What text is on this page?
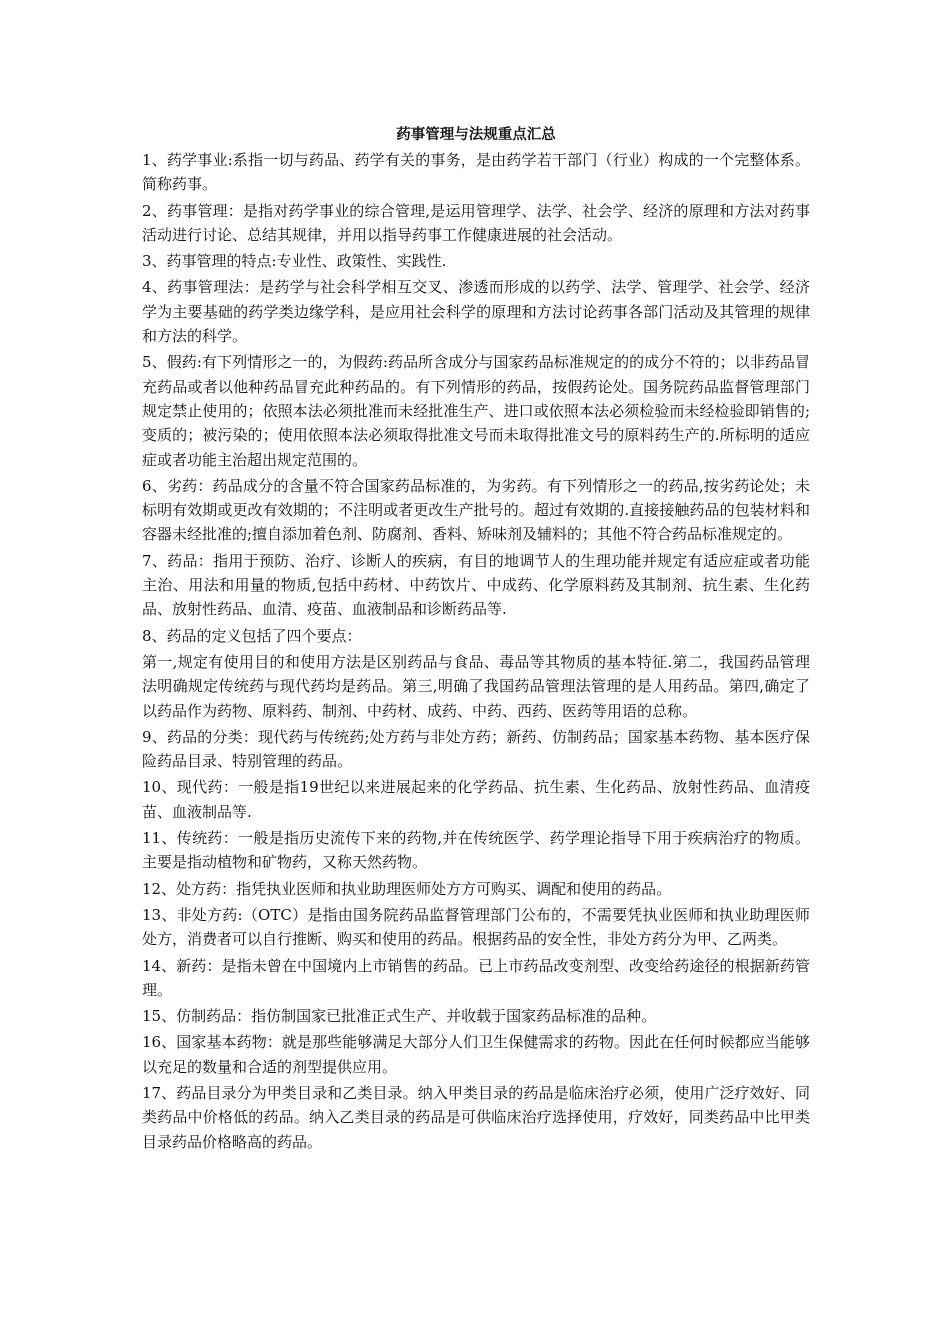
药事管理与法规重点汇总

1、药学事业:系指一切与药品、药学有关的事务，是由药学若干部门（行业）构成的一个完整体系。简称药事。

2、药事管理：是指对药学事业的综合管理,是运用管理学、法学、社会学、经济的原理和方法对药事活动进行讨论、总结其规律，并用以指导药事工作健康进展的社会活动。

3、药事管理的特点:专业性、政策性、实践性.

4、药事管理法：是药学与社会科学相互交叉、渗透而形成的以药学、法学、管理学、社会学、经济学为主要基础的药学类边缘学科，是应用社会科学的原理和方法讨论药事各部门活动及其管理的规律和方法的科学。

5、假药:有下列情形之一的，为假药:药品所含成分与国家药品标准规定的的成分不符的；以非药品冒充药品或者以他种药品冒充此种药品的。有下列情形的药品，按假药论处。国务院药品监督管理部门规定禁止使用的；依照本法必须批准而未经批准生产、进口或依照本法必须检验而未经检验即销售的;变质的；被污染的；使用依照本法必须取得批准文号而未取得批准文号的原料药生产的.所标明的适应症或者功能主治超出规定范围的。

6、劣药：药品成分的含量不符合国家药品标准的，为劣药。有下列情形之一的药品,按劣药论处；未标明有效期或更改有效期的；不注明或者更改生产批号的。超过有效期的.直接接触药品的包装材料和容器未经批准的;擅自添加着色剂、防腐剂、香料、矫味剂及辅料的；其他不符合药品标准规定的。

7、药品：指用于预防、治疗、诊断人的疾病，有目的地调节人的生理功能并规定有适应症或者功能主治、用法和用量的物质,包括中药材、中药饮片、中成药、化学原料药及其制剂、抗生素、生化药品、放射性药品、血清、疫苗、血液制品和诊断药品等.

8、药品的定义包括了四个要点：

第一,规定有使用目的和使用方法是区别药品与食品、毒品等其物质的基本特征.第二，我国药品管理法明确规定传统药与现代药均是药品。第三,明确了我国药品管理法管理的是人用药品。第四,确定了以药品作为药物、原料药、制剂、中药材、成药、中药、西药、医药等用语的总称。

9、药品的分类：现代药与传统药;处方药与非处方药；新药、仿制药品；国家基本药物、基本医疗保险药品目录、特别管理的药品。

10、现代药：一般是指19世纪以来进展起来的化学药品、抗生素、生化药品、放射性药品、血清疫苗、血液制品等.

11、传统药：一般是指历史流传下来的药物,并在传统医学、药学理论指导下用于疾病治疗的物质。主要是指动植物和矿物药，又称天然药物。

12、处方药：指凭执业医师和执业助理医师处方方可购买、调配和使用的药品。

13、非处方药:（OTC）是指由国务院药品监督管理部门公布的，不需要凭执业医师和执业助理医师处方，消费者可以自行推断、购买和使用的药品。根据药品的安全性，非处方药分为甲、乙两类。

14、新药：是指未曾在中国境内上市销售的药品。已上市药品改变剂型、改变给药途径的根据新药管理。

15、仿制药品：指仿制国家已批准正式生产、并收载于国家药品标准的品种。

16、国家基本药物：就是那些能够满足大部分人们卫生保健需求的药物。因此在任何时候都应当能够以充足的数量和合适的剂型提供应用。

17、药品目录分为甲类目录和乙类目录。纳入甲类目录的药品是临床治疗必须，使用广泛疗效好、同类药品中价格低的药品。纳入乙类目录的药品是可供临床治疗选择使用，疗效好，同类药品中比甲类目录药品价格略高的药品。
